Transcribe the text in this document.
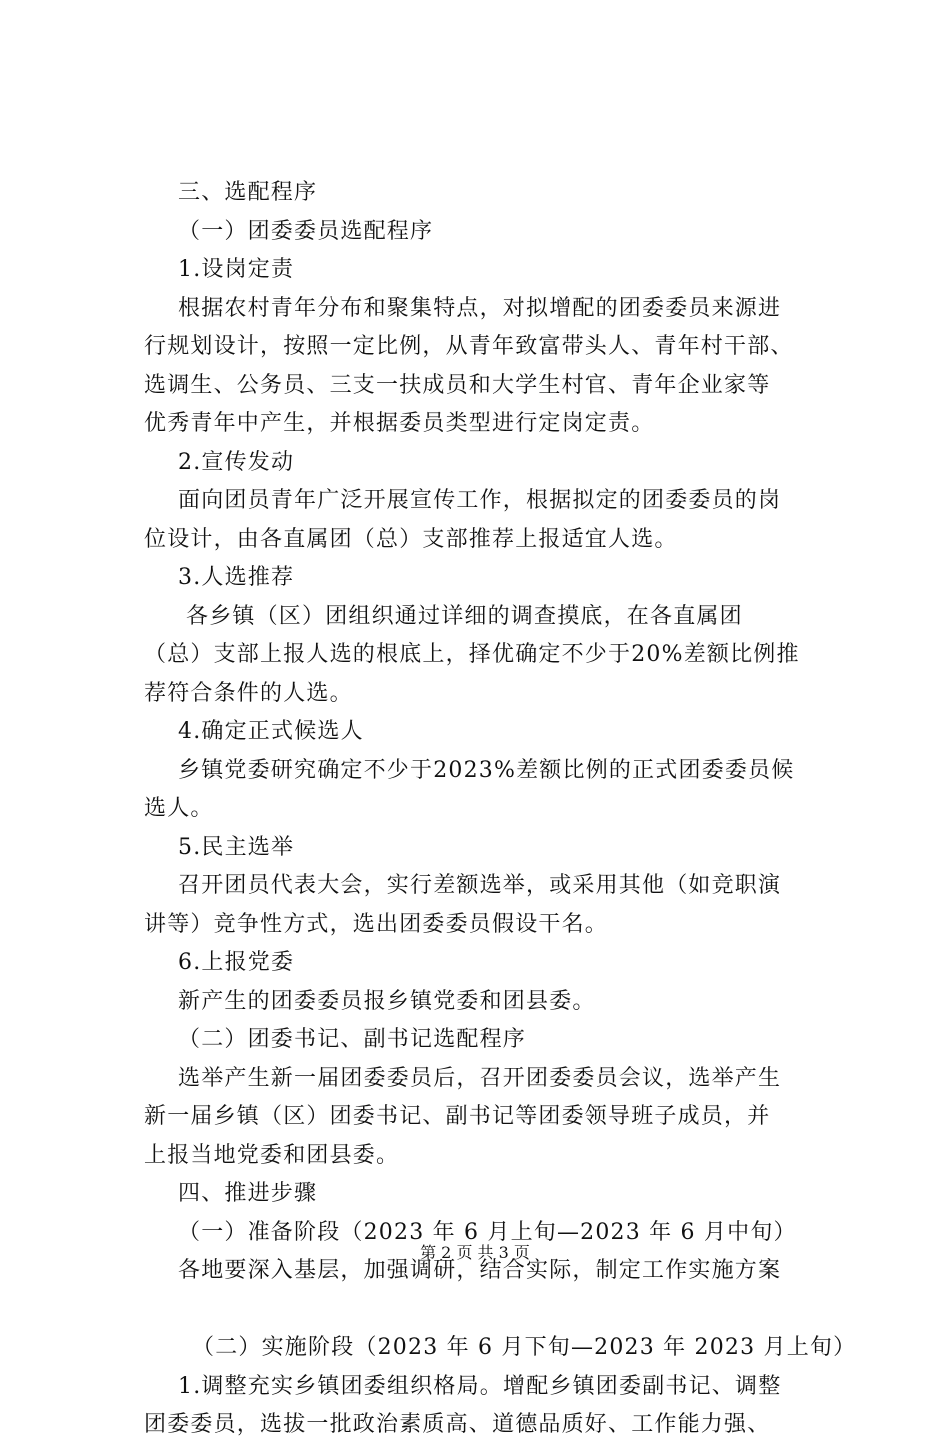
三、选配程序
（一）团委委员选配程序
1.设岗定责
根据农村青年分布和聚集特点，对拟增配的团委委员来源进
行规划设计，按照一定比例，从青年致富带头人、青年村干部、
选调生、公务员、三支一扶成员和大学生村官、青年企业家等
优秀青年中产生，并根据委员类型进行定岗定责。
2.宣传发动
面向团员青年广泛开展宣传工作，根据拟定的团委委员的岗
位设计，由各直属团（总）支部推荐上报适宜人选。
3.人选推荐
各乡镇（区）团组织通过详细的调查摸底，在各直属团
（总）支部上报人选的根底上，择优确定不少于20%差额比例推
荐符合条件的人选。
4.确定正式候选人
乡镇党委研究确定不少于2023%差额比例的正式团委委员候
选人。
5.民主选举
召开团员代表大会，实行差额选举，或采用其他（如竞职演
讲等）竞争性方式，选出团委委员假设干名。
6.上报党委
新产生的团委委员报乡镇党委和团县委。
（二）团委书记、副书记选配程序
选举产生新一届团委委员后，召开团委委员会议，选举产生
新一届乡镇（区）团委书记、副书记等团委领导班子成员，并
上报当地党委和团县委。
四、推进步骤
（一）准备阶段（2023 年 6 月上旬—2023 年 6 月中旬）
各地要深入基层，加强调研，结合实际，制定工作实施方案
（二）实施阶段（2023 年 6 月下旬—2023 年 2023 月上旬）
1.调整充实乡镇团委组织格局。增配乡镇团委副书记、调整
团委委员，选拔一批政治素质高、道德品质好、工作能力强、
第 2 页 共 3 页
